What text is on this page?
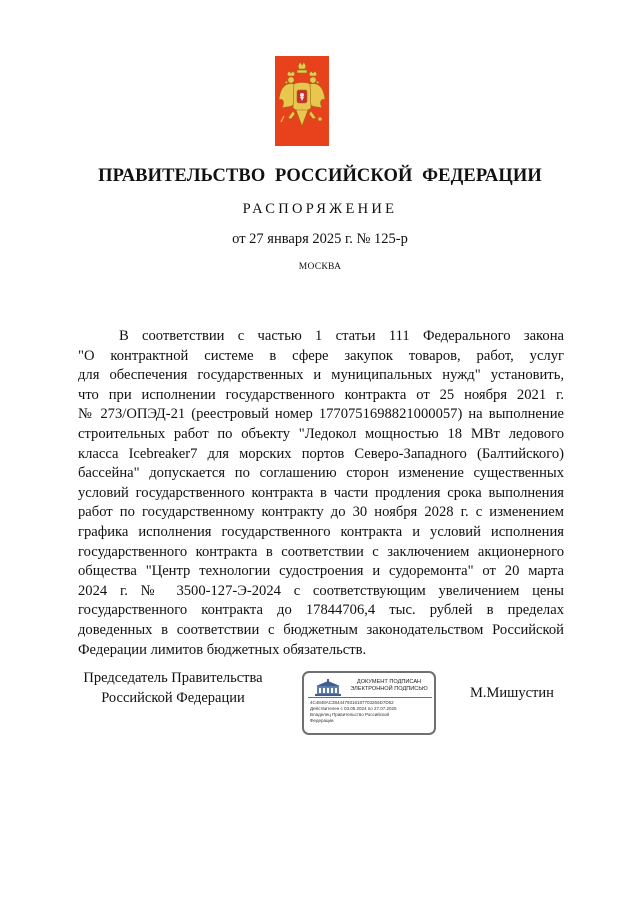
ПРАВИТЕЛЬСТВО РОССИЙСКОЙ ФЕДЕРАЦИИ
РАСПОРЯЖЕНИЕ
от 27 января 2025 г. № 125-р
МОСКВА
В соответствии с частью 1 статьи 111 Федерального закона
"О контрактной системе в сфере закупок товаров, работ, услуг
для обеспечения государственных и муниципальных нужд" установить,
что при исполнении государственного контракта от 25 ноября 2021 г.
№ 273/ОПЭД-21 (реестровый номер 1770751698821000057) на выполнение
строительных работ по объекту "Ледокол мощностью 18 МВт ледового
класса Icebreaker7 для морских портов Северо-Западного (Балтийского)
бассейна" допускается по соглашению сторон изменение существенных
условий государственного контракта в части продления срока выполнения
работ по государственному контракту до 30 ноября 2028 г. с изменением
графика исполнения государственного контракта и условий исполнения
государственного контракта в соответствии с заключением акционерного
общества "Центр технологии судостроения и судоремонта" от 20 марта
2024 г. № 3500-127-Э-2024 с соответствующим увеличением цены
государственного контракта до 17844706,4 тыс. рублей в пределах
доведенных в соответствии с бюджетным законодательством Российской
Федерации лимитов бюджетных обязательств.
Председатель Правительства
Российской Федерации
ДОКУМЕНТ ПОДПИСАН
ЭЛЕКТРОННОЙ ПОДПИСЬЮ
4C4848AC3844479316187703266D7D62
Действителен с 03.05.2024 по 27.07.2025
Владелец Правительство Российской
Федерации
М.Мишустин
